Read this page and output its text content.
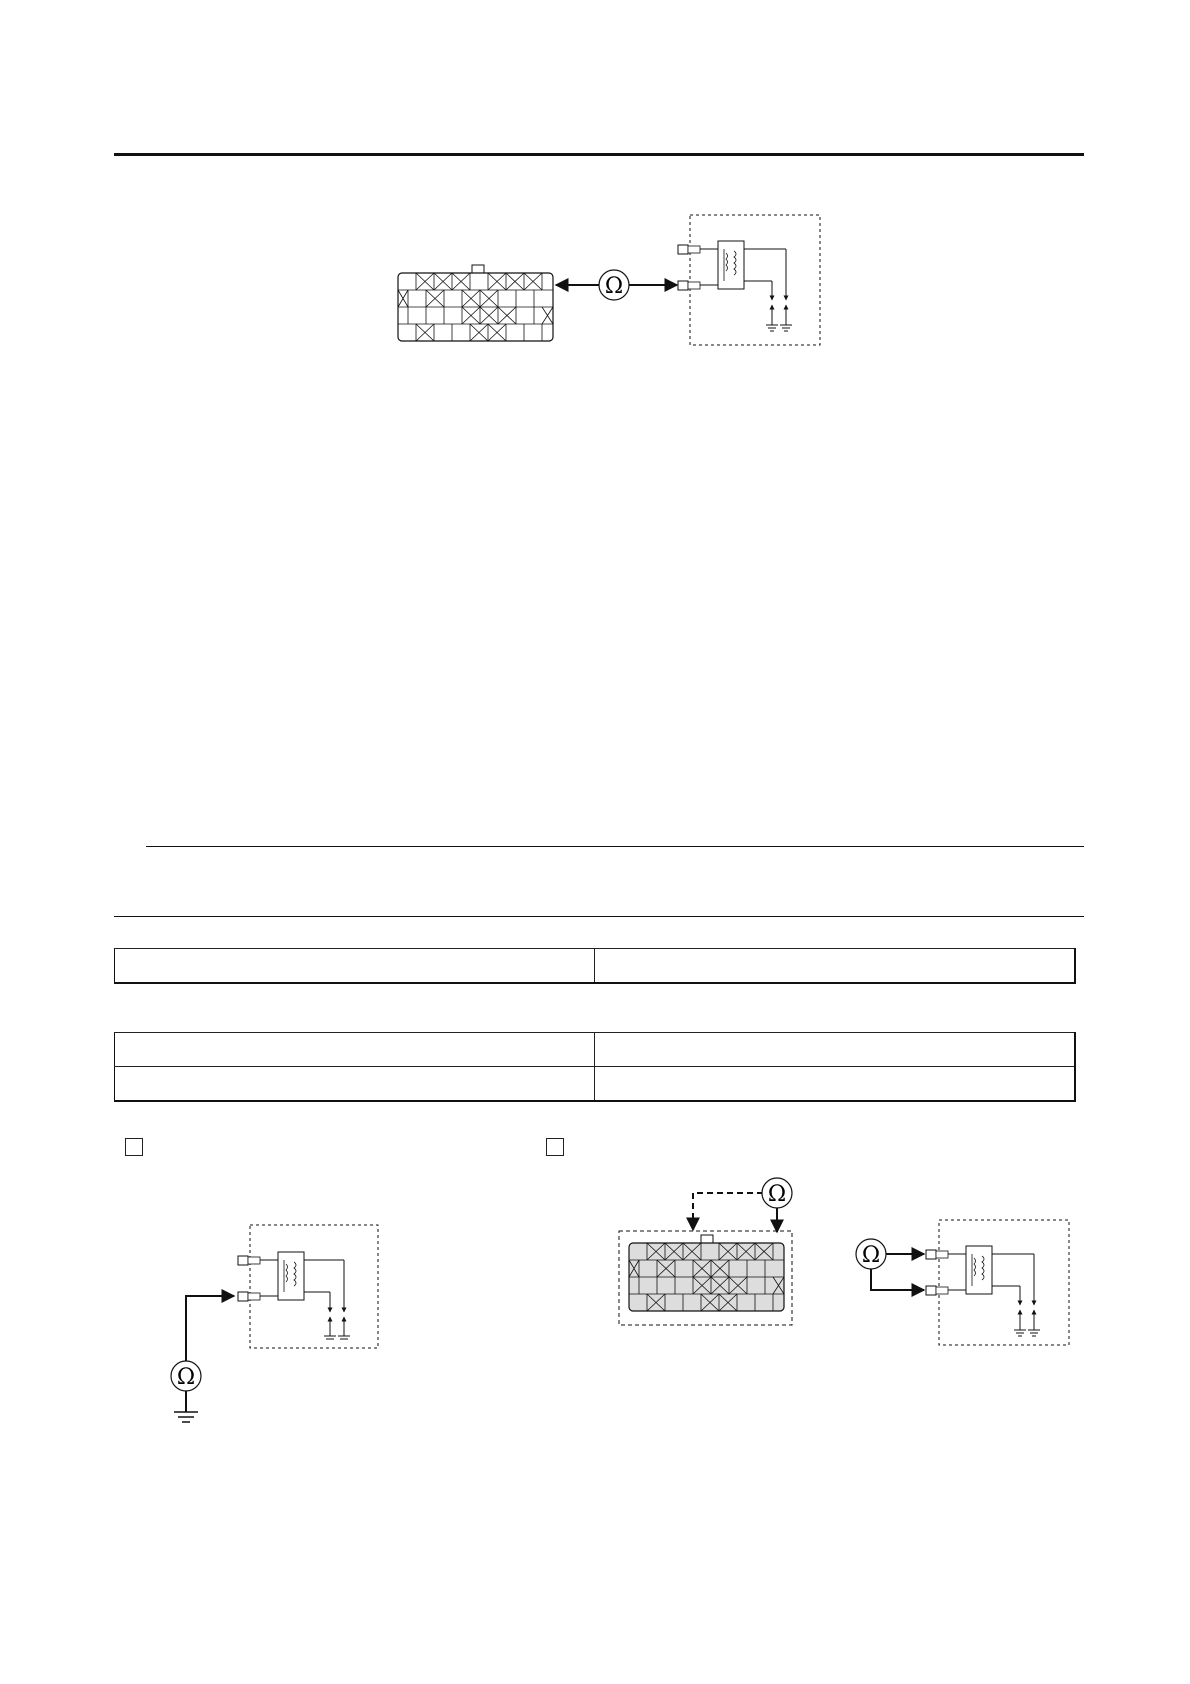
Ω

Ω
Ω
Ω
